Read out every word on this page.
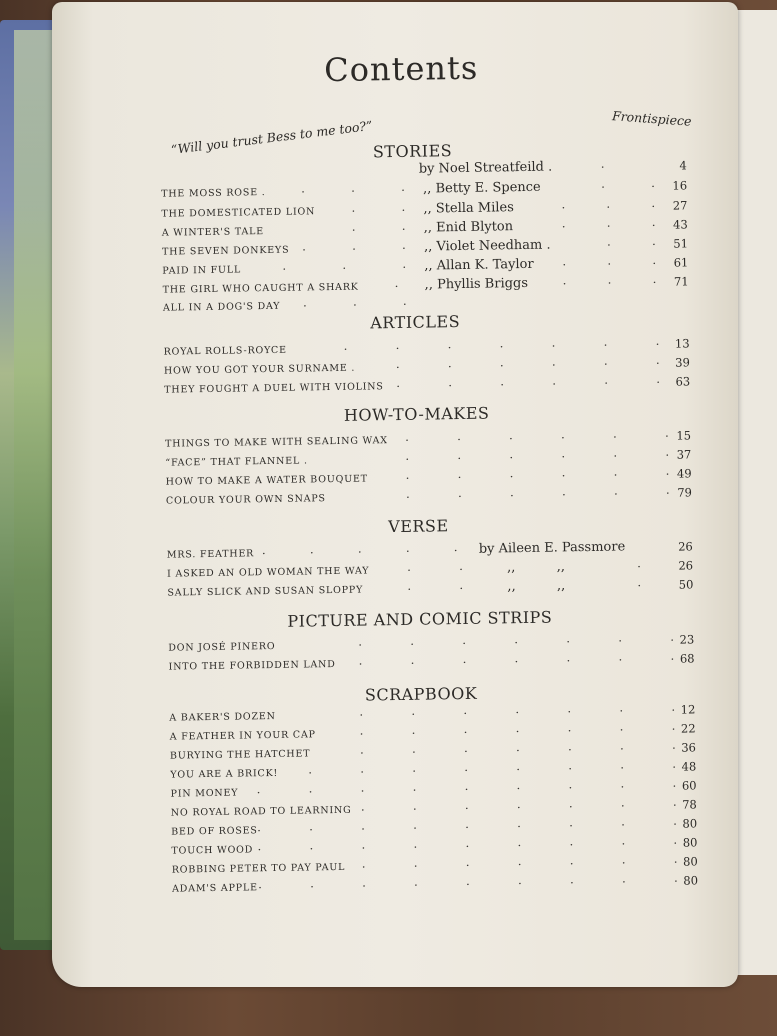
Contents
“Will you trust Bess to me too?”	Frontispiece
STORIES
by Noel Streatfeild .	.	4
THE MOSS ROSE .	.	.	. ,, Betty E. Spence	.	.	16
THE DOMESTICATED LION	.	. ,, Stella Miles	.	.	.	27
A WINTER'S TALE	.	. ,, Enid Blyton	.	.	.	43
THE SEVEN DONKEYS .	.	. ,, Violet Needham .	.	.	51
PAID IN FULL	.	.	. ,, Allan K. Taylor .	.	.	61
THE GIRL WHO CAUGHT A SHARK	. ,, Phyllis Briggs	.	.	.	71
ALL IN A DOG'S DAY .	.	.
ARTICLES
ROYAL ROLLS-ROYCE	.	.	.	.	.	.	.	13
HOW YOU GOT YOUR SURNAME .	.	.	.	.	.	.	39
THEY FOUGHT A DUEL WITH VIOLINS .	.	.	.	.	.	63
HOW-TO-MAKES
THINGS TO MAKE WITH SEALING WAX .	.	.	.	.	. 15
“FACE” THAT FLANNEL .	.	.	.	.	.	. 37
HOW TO MAKE A WATER BOUQUET	.	.	.	.	.	. 49
COLOUR YOUR OWN SNAPS	.	.	.	.	.	. 79
VERSE
MRS. FEATHER .	.	.	.	. by Aileen E. Passmore	26
I ASKED AN OLD WOMAN THE WAY	.	.	,,          ,,	.	26
SALLY SLICK AND SUSAN SLOPPY	.	.	,,          ,,	.	50
PICTURE AND COMIC STRIPS
DON JOSÉ PINERO	.	.	.	.	.	.	. 23
INTO THE FORBIDDEN LAND .	.	.	.	.	.	. 68
SCRAPBOOK
A BAKER'S DOZEN	.	.	.	.	.	.	. 12
A FEATHER IN YOUR CAP	.	.	.	.	.	.	. 22
BURYING THE HATCHET	.	.	.	.	.	.	. 36
YOU ARE A BRICK! .	.	.	.	.	.	.	. 48
PIN MONEY .	.	.	.	.	.	.	.	. 60
NO ROYAL ROAD TO LEARNING .	.	.	.	.	.	. 78
BED OF ROSES .	.	.	.	.	.	.	.	. 80
TOUCH WOOD .	.	.	.	.	.	.	.	. 80
ROBBING PETER TO PAY PAUL .	.	.	.	.	.	. 80
ADAM'S APPLE .	.	.	.	.	.	.	.	. 80
